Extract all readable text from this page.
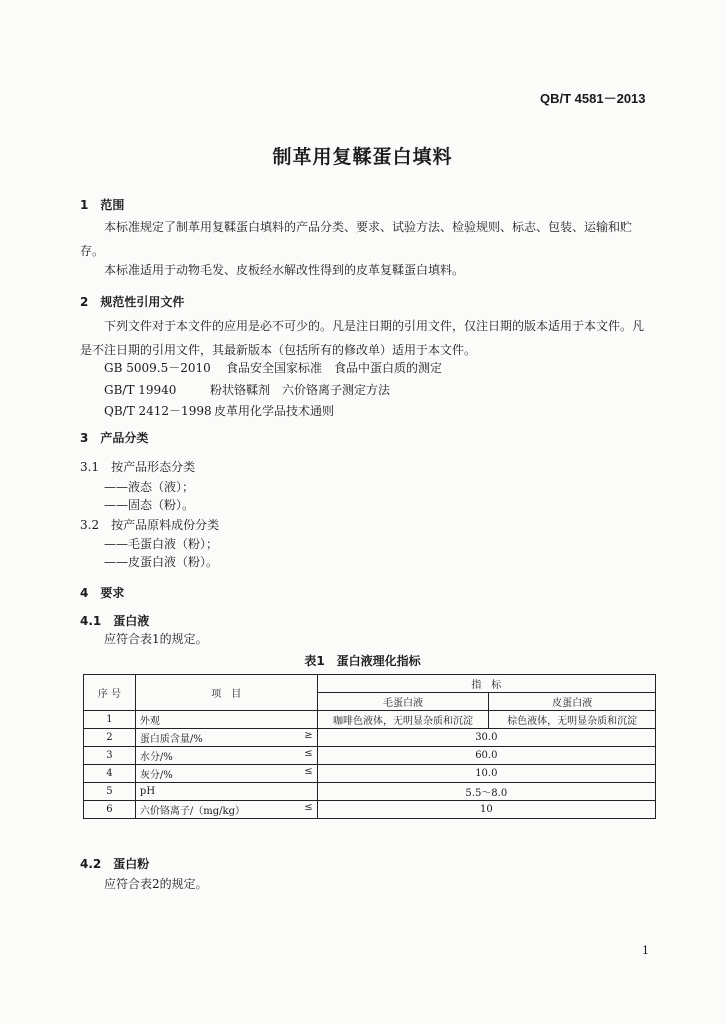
QB/T 4581－2013
制革用复鞣蛋白填料
1　范围
本标准规定了制革用复鞣蛋白填料的产品分类、要求、试验方法、检验规则、标志、包装、运输和贮存。
本标准适用于动物毛发、皮板经水解改性得到的皮革复鞣蛋白填料。
2　规范性引用文件
下列文件对于本文件的应用是必不可少的。凡是注日期的引用文件，仅注日期的版本适用于本文件。凡是不注日期的引用文件，其最新版本（包括所有的修改单）适用于本文件。
GB 5009.5－2010 食品安全国家标准　食品中蛋白质的测定
GB/T 19940	粉状铬鞣剂　六价铬离子测定方法
QB/T 2412－1998 皮革用化学品技术通则
3　产品分类
3.1　按产品形态分类
——液态（液）；
——固态（粉）。
3.2　按产品原料成份分类
——毛蛋白液（粉）；
——皮蛋白液（粉）。
4　要求
4.1　蛋白液
应符合表1的规定。
表1　蛋白液理化指标
序 号	项　目	指　标	
		毛蛋白液	皮蛋白液
1	外观	咖啡色液体，无明显杂质和沉淀	棕色液体，无明显杂质和沉淀
2	蛋白质含量/% ≥	30.0	
3	水分/% ≤	60.0	
4	灰分/% ≤	10.0	
5	pH	5.5～8.0	
6	六价铬离子/（mg/kg） ≤	10	
4.2　蛋白粉
应符合表2的规定。
1
